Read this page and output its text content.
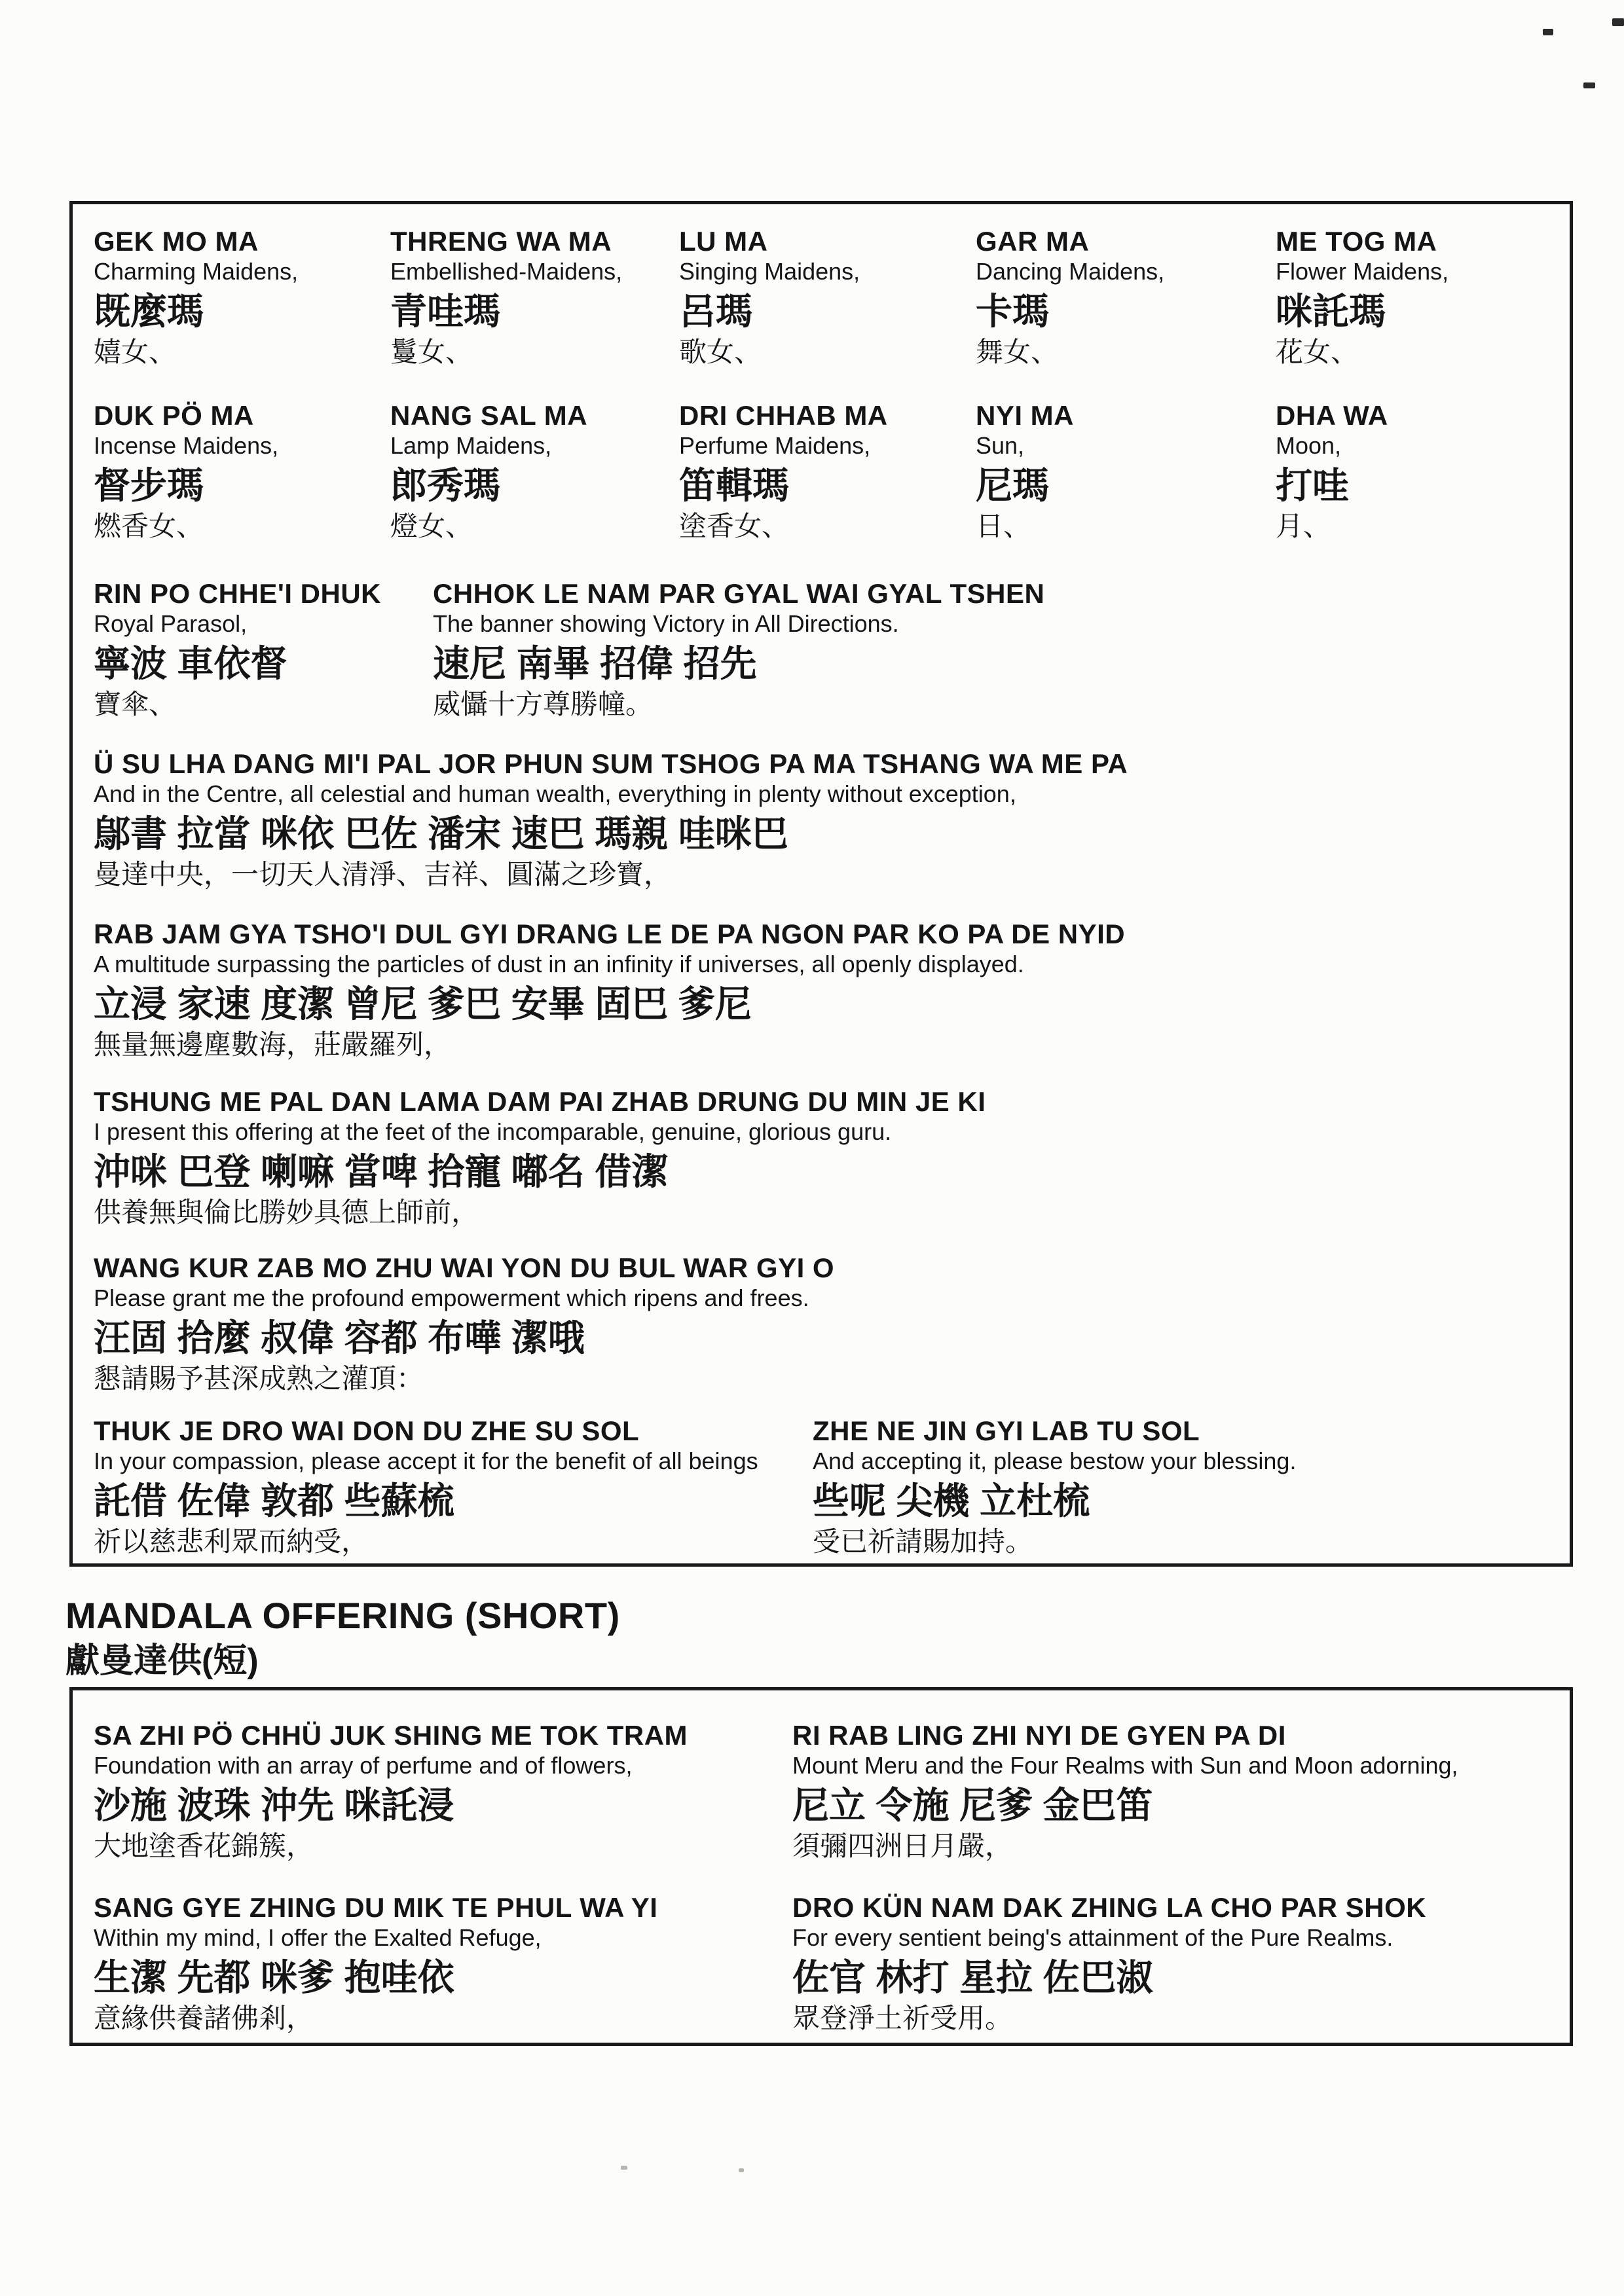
GEK MO MA
Charming Maidens,
既麼瑪
嬉女、
THRENG WA MA
Embellished-Maidens,
青哇瑪
鬘女、
LU MA
Singing Maidens,
呂瑪
歌女、
GAR MA
Dancing Maidens,
卡瑪
舞女、
ME TOG MA
Flower Maidens,
咪託瑪
花女、
DUK PÖ MA
Incense Maidens,
督步瑪
燃香女、
NANG SAL MA
Lamp Maidens,
郎秀瑪
燈女、
DRI CHHAB MA
Perfume Maidens,
笛輯瑪
塗香女、
NYI MA
Sun,
尼瑪
日、
DHA WA
Moon,
打哇
月、
RIN PO CHHE'I DHUK
Royal Parasol,
寧波 車依督
寶傘、
CHHOK LE NAM PAR GYAL WAI GYAL TSHEN
The banner showing Victory in All Directions.
速尼 南畢 招偉 招先
威懾十方尊勝幢。
Ü SU LHA DANG MI'I PAL JOR PHUN SUM TSHOG PA MA TSHANG WA ME PA
And in the Centre, all celestial and human wealth, everything in plenty without exception,
鄔書 拉當 咪依 巴佐 潘宋 速巴 瑪親 哇咪巴
曼達中央，一切天人清淨、吉祥、圓滿之珍寶，
RAB JAM GYA TSHO'I DUL GYI DRANG LE DE PA NGON PAR KO PA DE NYID
A multitude surpassing the particles of dust in an infinity if universes, all openly displayed.
立浸 家速 度潔 曾尼 爹巴 安畢 固巴 爹尼
無量無邊塵數海，莊嚴羅列，
TSHUNG ME PAL DAN LAMA DAM PAI ZHAB DRUNG DU MIN JE KI
I present this offering at the feet of the incomparable, genuine, glorious guru.
沖咪 巴登 喇嘛 當啤 拾寵 嘟名 借潔
供養無與倫比勝妙具德上師前，
WANG KUR ZAB MO ZHU WAI YON DU BUL WAR GYI O
Please grant me the profound empowerment which ripens and frees.
汪固 拾麼 叔偉 容都 布嘩 潔哦
懇請賜予甚深成熟之灌頂：
THUK JE DRO WAI DON DU ZHE SU SOL
In your compassion, please accept it for the benefit of all beings
託借 佐偉 敦都 些蘇梳
祈以慈悲利眾而納受，
ZHE NE JIN GYI LAB TU SOL
And accepting it, please bestow your blessing.
些呢 尖機 立杜梳
受已祈請賜加持。
MANDALA OFFERING (SHORT)
獻曼達供(短)
SA ZHI PÖ CHHÜ JUK SHING ME TOK TRAM
Foundation with an array of perfume and of flowers,
沙施 波珠 沖先 咪託浸
大地塗香花錦簇，
RI RAB LING ZHI NYI DE GYEN PA DI
Mount Meru and the Four Realms with Sun and Moon adorning,
尼立 令施 尼爹 金巴笛
須彌四洲日月嚴，
SANG GYE ZHING DU MIK TE PHUL WA YI
Within my mind, I offer the Exalted Refuge,
生潔 先都 咪爹 抱哇依
意緣供養諸佛剎，
DRO KÜN NAM DAK ZHING LA CHO PAR SHOK
For every sentient being's attainment of the Pure Realms.
佐官 林打 星拉 佐巴淑
眾登淨土祈受用。
